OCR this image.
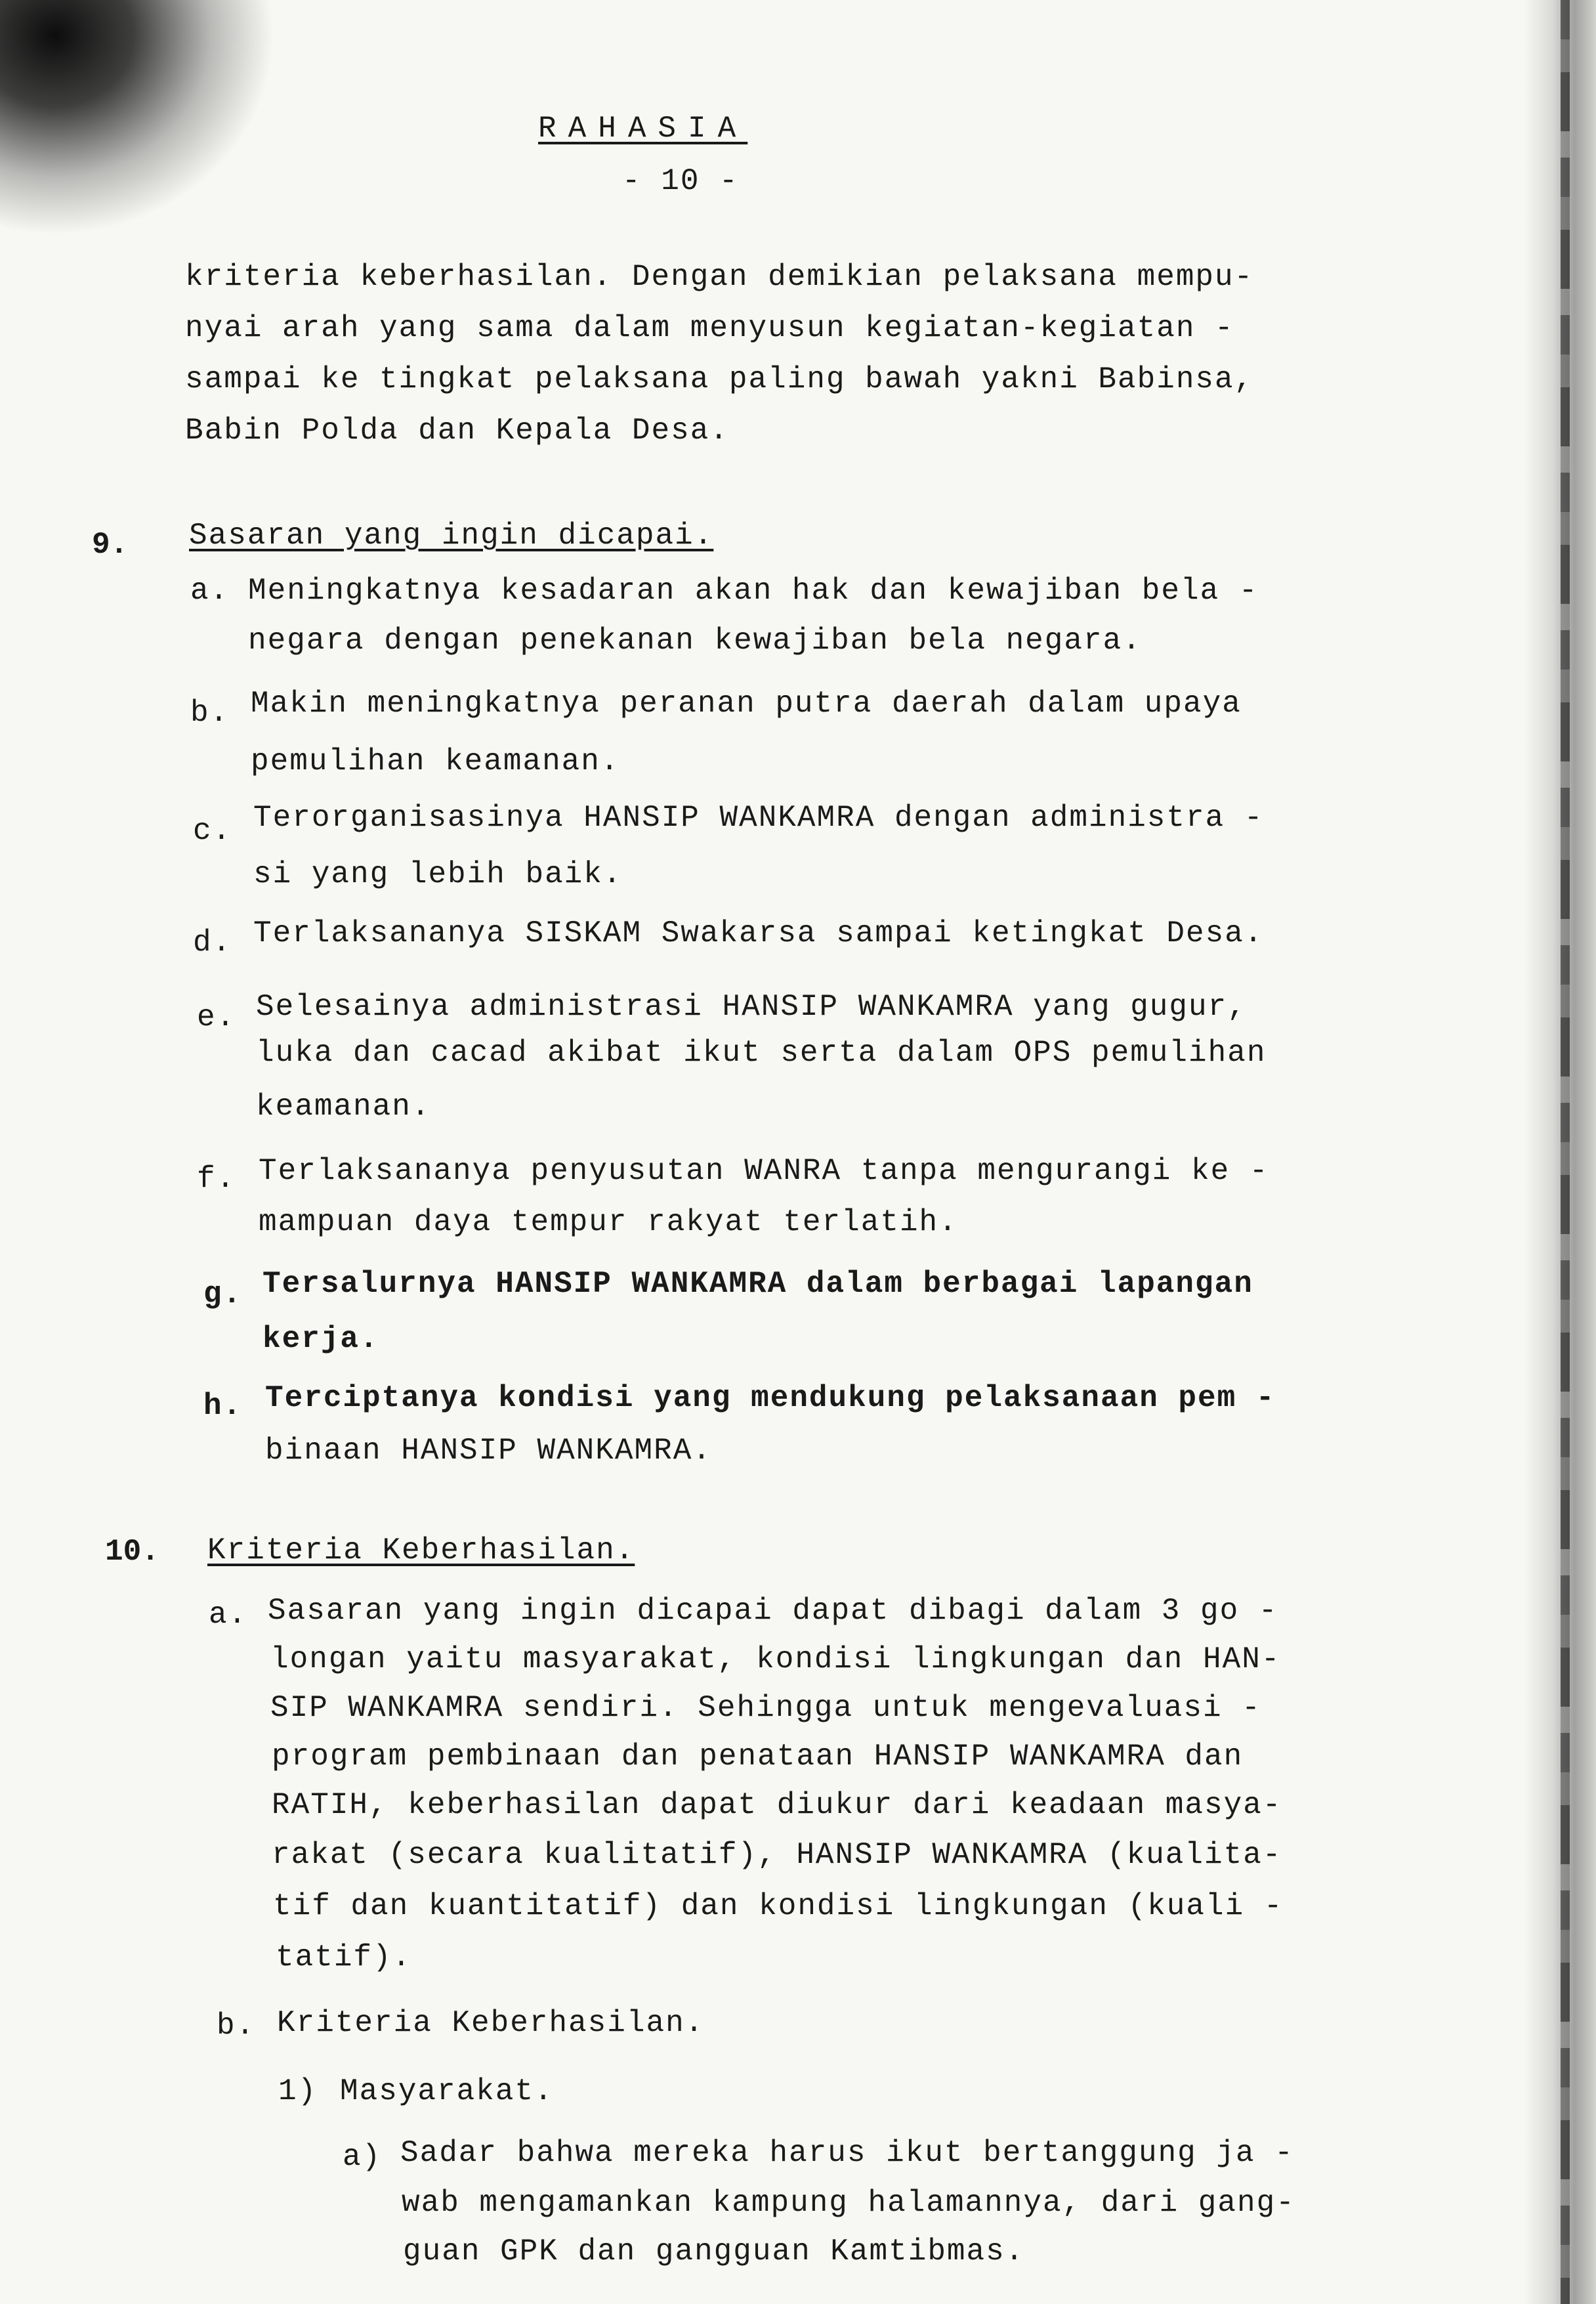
RAHASIA
- 10 -
kriteria keberhasilan. Dengan demikian pelaksana mempu-
nyai arah yang sama dalam menyusun kegiatan-kegiatan -
sampai ke tingkat pelaksana paling bawah yakni Babinsa,
Babin Polda dan Kepala Desa.
9. Sasaran yang ingin dicapai.
a. Meningkatnya kesadaran akan hak dan kewajiban bela -
negara dengan penekanan kewajiban bela negara.
b. Makin meningkatnya peranan putra daerah dalam upaya
pemulihan keamanan.
c. Terorganisasinya HANSIP WANKAMRA dengan administra -
si yang lebih baik.
d. Terlaksananya SISKAM Swakarsa sampai ketingkat Desa.
e. Selesainya administrasi HANSIP WANKAMRA yang gugur,
luka dan cacad akibat ikut serta dalam OPS pemulihan
keamanan.
f. Terlaksananya penyusutan WANRA tanpa mengurangi ke -
mampuan daya tempur rakyat terlatih.
g. Tersalurnya HANSIP WANKAMRA dalam berbagai lapangan
kerja.
h. Terciptanya kondisi yang mendukung pelaksanaan pem -
binaan HANSIP WANKAMRA.
10. Kriteria Keberhasilan.
a. Sasaran yang ingin dicapai dapat dibagi dalam 3 go -
longan yaitu masyarakat, kondisi lingkungan dan HAN-
SIP WANKAMRA sendiri. Sehingga untuk mengevaluasi -
program pembinaan dan penataan HANSIP WANKAMRA dan
RATIH, keberhasilan dapat diukur dari keadaan masya-
rakat (secara kualitatif), HANSIP WANKAMRA (kualita-
tif dan kuantitatif) dan kondisi lingkungan (kuali -
tatif).
b. Kriteria Keberhasilan.
1) Masyarakat.
a) Sadar bahwa mereka harus ikut bertanggung ja -
wab mengamankan kampung halamannya, dari gang-
guan GPK dan gangguan Kamtibmas.
